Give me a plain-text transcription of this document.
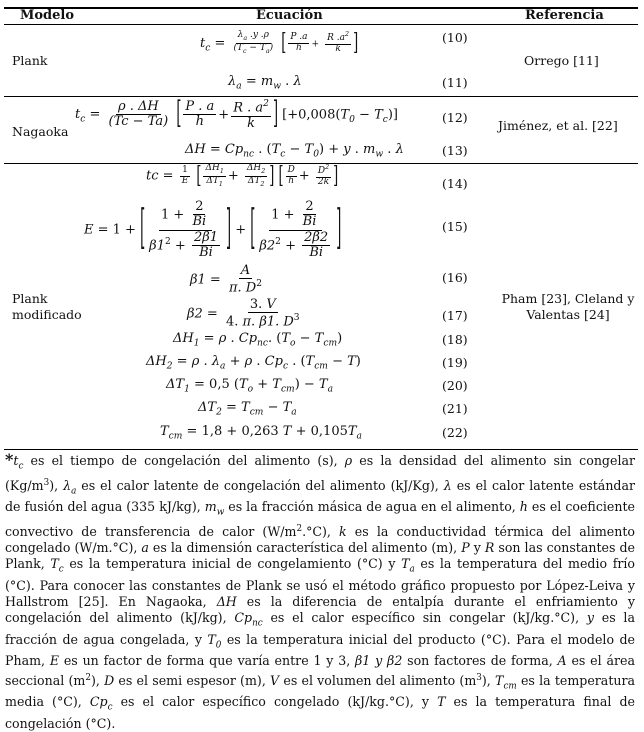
Modelo	Ecuación	Referencia
Plank	Orrego [11]
$t_c = \frac{\lambda_a .y .\rho}{(T_c - T_a)}$ [ $\frac{P .a}{h} + \frac{R .a^2}{k}$ ]	(10)
$\lambda_a = m_w$ . λ	(11)
Nagaoka	Jiménez, et al. [22]
$t_c = \frac{\rho . \Delta H}{(Tc - Ta)}$ [ $\frac{P . a}{h} + \frac{R . a^2}{k}$ ] $[+0,008(T_0 - T_c)]$	(12)
$\Delta H = Cp_{nc}$ . $(T_c - T_0) + y$ . $m_w$ . λ	(13)
Plank
modificado
Pham [23], Cleland y
Valentas [24]
tc = $\frac{1}{E}$ [ $\frac{\Delta H_1}{\Delta T_1} + \frac{\Delta H_2}{\Delta T_2}$ ] [ $\frac{D}{h} + \frac{D^2}{2k}$ ]	(14)
E = 1 + [ $\frac{1 + \frac{2}{Bi}}{\beta 1^2 + \frac{2\beta 1}{Bi}}$ ] + [ $\frac{1 + \frac{2}{Bi}}{\beta 2^2 + \frac{2\beta 2}{Bi}}$ ]	(15)
$\beta 1 = \frac{A}{\pi. D^2}$	(16)
$\beta 2 = \frac{3. V}{4. \pi. \beta 1. D^3}$	(17)
$\Delta H_1 = \rho$ . $Cp_{nc}$. $(T_o - T_{cm})$	(18)
$\Delta H_2 = \rho$ . $\lambda_a + \rho$ . $Cp_c$ . $(T_{cm} - T)$	(19)
$\Delta T_1 = 0,5$ $(T_o + T_{cm}) - T_a$	(20)
$\Delta T_2 = T_{cm} - T_a$	(21)
$T_{cm} = 1,8 + 0,263$ $T + 0,105T_a$	(22)
$*t_c$ es el tiempo de congelación del alimento (s), ρ es la densidad del alimento sin congelar $(Kg/m^3)$, $\lambda_a$ es el calor latente de congelación del alimento (kJ/Kg), λ es el calor latente estándar de fusión del agua (335 kJ/kg), $m_w$ es la fracción másica de agua en el alimento, h es el coeficiente convectivo de transferencia de calor $(W/m^2.^\circ C)$, k es la conductividad térmica del alimento congelado (W/m.°C), a es la dimensión característica del alimento (m), P y R son las constantes de Plank, $T_c$ es la temperatura inicial de congelamiento (°C) y $T_a$ es la temperatura del medio frío (°C). Para conocer las constantes de Plank se usó el método gráfico propuesto por López-Leiva y Hallstrom [25]. En Nagaoka, ΔH es la diferencia de entalpía durante el enfriamiento y congelación del alimento (kJ/kg), $Cp_{nc}$ es el calor específico sin congelar (kJ/kg.°C), y es la fracción de agua congelada, y $T_0$ es la temperatura inicial del producto (°C). Para el modelo de Pham, E es un factor de forma que varía entre 1 y 3, β1 y β2 son factores de forma, A es el área seccional $(m^2)$, D es el semi espesor (m), V es el volumen del alimento $(m^3)$, $T_{cm}$ es la temperatura media (°C), $Cp_c$ es el calor específico congelado (kJ/kg.°C), y T es la temperatura final de congelación (°C).
